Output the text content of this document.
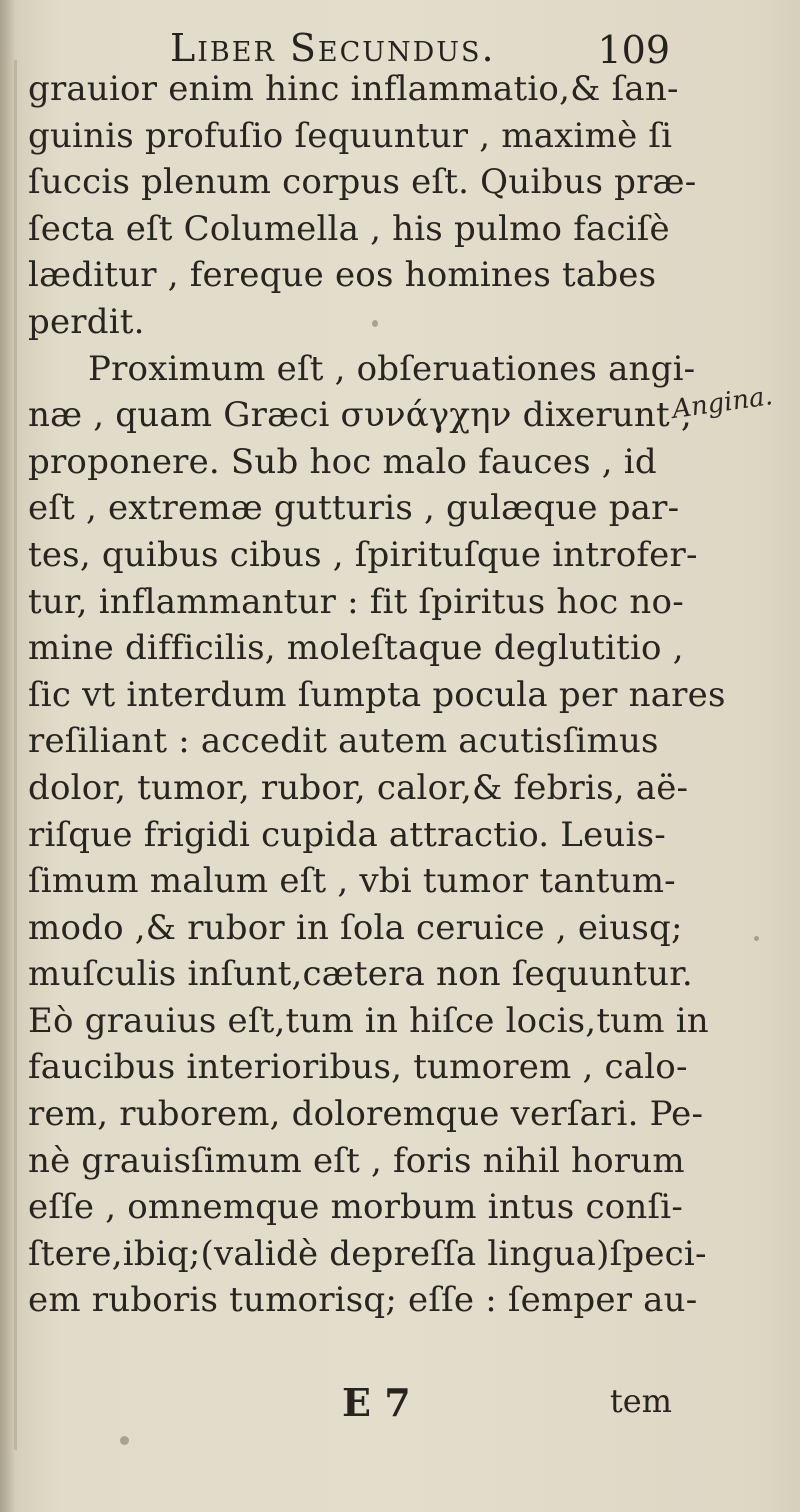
Liber Secundus.	109
grauior enim hinc inflammatio,& ſan-
guinis profuſio ſequuntur , maximè ſi
ſuccis plenum corpus eſt. Quibus præ-
ſecta eſt Columella , his pulmo faciſè
læditur , fereque eos homines tabes
perdit.
Proximum eſt , obſeruationes angi-
næ , quam Græci συνάγχην dixerunt ,
proponere. Sub hoc malo fauces , id
eſt , extremæ gutturis , gulæque par-
tes, quibus cibus , ſpirituſque introfer-
tur, inflammantur : fit ſpiritus hoc no-
mine difficilis, moleſtaque deglutitio ,
ſic vt interdum ſumpta pocula per nares
reſiliant : accedit autem acutisſimus
dolor, tumor, rubor, calor,& febris, aë-
riſque frigidi cupida attractio. Leuis-
ſimum malum eſt , vbi tumor tantum-
modo ,& rubor in ſola ceruice , eiusq;
muſculis inſunt,cætera non ſequuntur.
Eò grauius eſt,tum in hiſce locis,tum in
faucibus interioribus, tumorem , calo-
rem, ruborem, doloremque verſari. Pe-
nè grauisſimum eſt , foris nihil horum
eſſe , omnemque morbum intus conſi-
ſtere,ibiq;(validè depreſſa lingua)ſpeci-
em ruboris tumorisq; eſſe : ſemper au-
Angina.
E 7	tem
